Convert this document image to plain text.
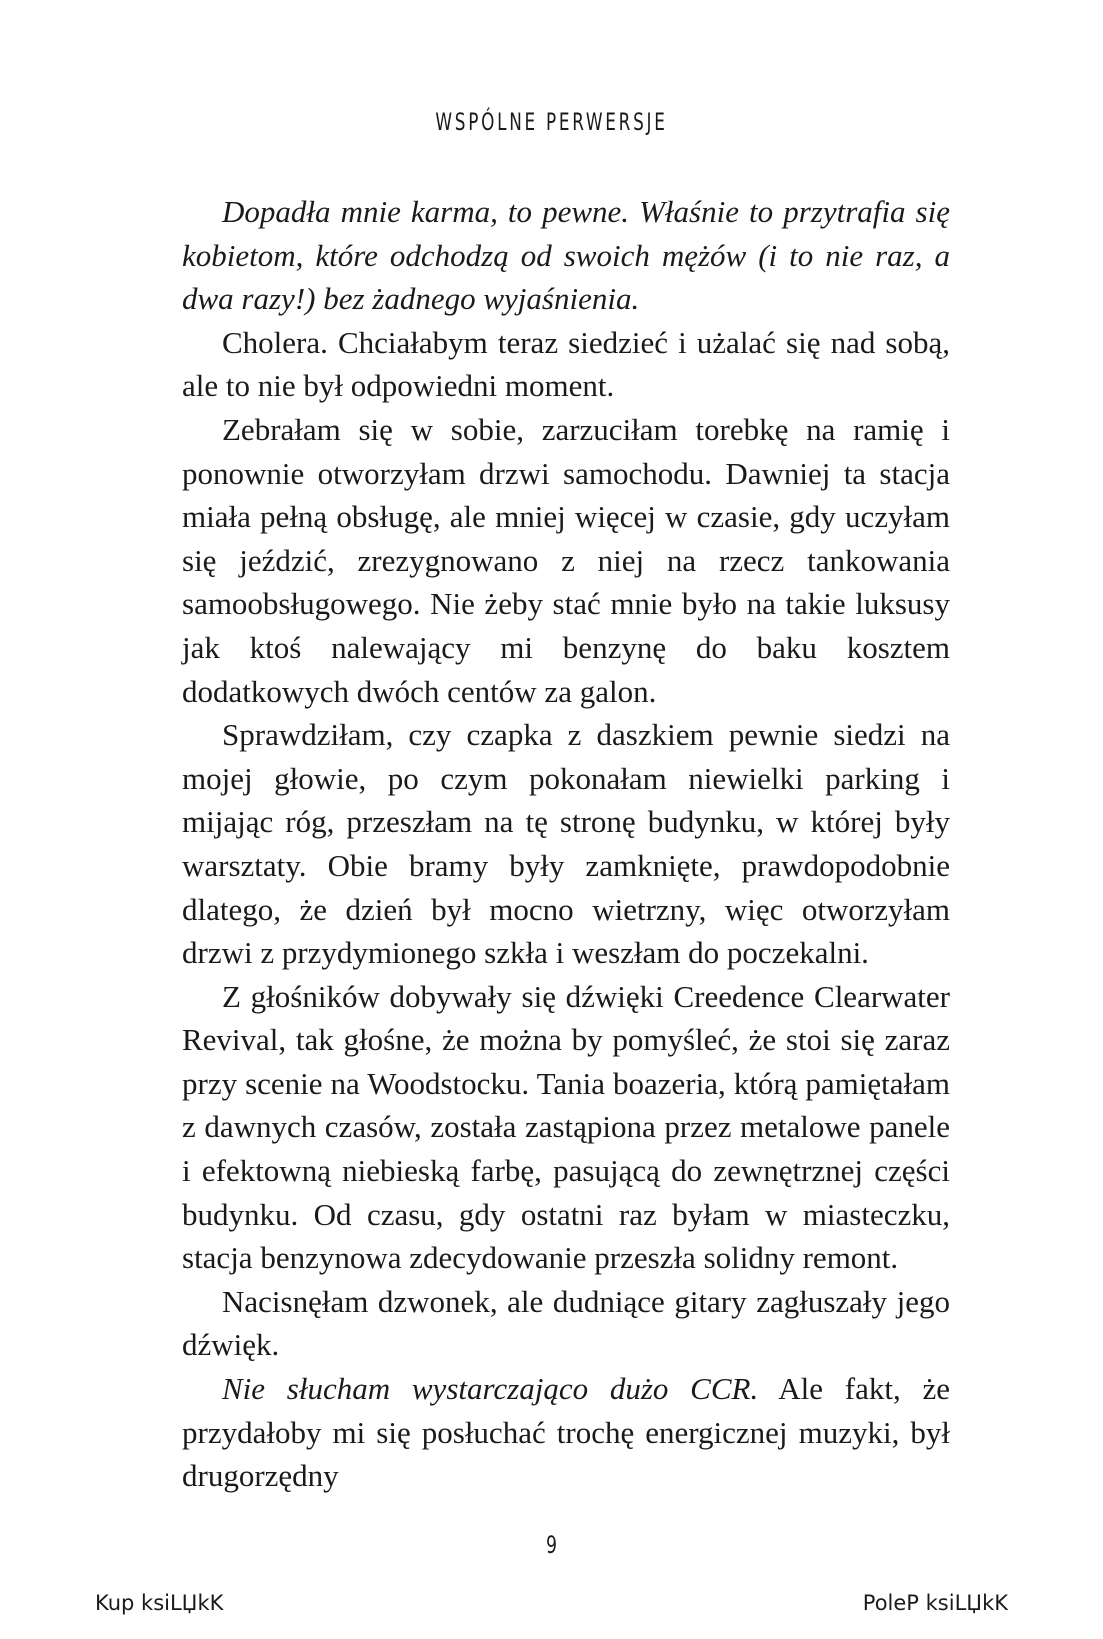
WSPÓLNE PERWERSJE

Dopadła mnie karma, to pewne. Właśnie to przytrafia się kobietom, które odchodzą od swoich mężów (i to nie raz, a dwa razy!) bez żadnego wyjaśnienia.

Cholera. Chciałabym teraz siedzieć i użalać się nad sobą, ale to nie był odpowiedni moment.

Zebrałam się w sobie, zarzuciłam torebkę na ramię i ponownie otworzyłam drzwi samochodu. Dawniej ta stacja miała pełną obsługę, ale mniej więcej w czasie, gdy uczyłam się jeździć, zrezygnowano z niej na rzecz tankowania samoobsługowego. Nie żeby stać mnie było na takie luksusy jak ktoś nalewający mi benzynę do baku kosztem dodatkowych dwóch centów za galon.

Sprawdziłam, czy czapka z daszkiem pewnie siedzi na mojej głowie, po czym pokonałam niewielki parking i mijając róg, przeszłam na tę stronę budynku, w której były warsztaty. Obie bramy były zamknięte, prawdopodobnie dlatego, że dzień był mocno wietrzny, więc otworzyłam drzwi z przydymionego szkła i weszłam do poczekalni.

Z głośników dobywały się dźwięki Creedence Clearwater Revival, tak głośne, że można by pomyśleć, że stoi się zaraz przy scenie na Woodstocku. Tania boazeria, którą pamiętałam z dawnych czasów, została zastąpiona przez metalowe panele i efektowną niebieską farbę, pasującą do zewnętrznej części budynku. Od czasu, gdy ostatni raz byłam w miasteczku, stacja benzynowa zdecydowanie przeszła solidny remont.

Nacisnęłam dzwonek, ale dudniące gitary zagłuszały jego dźwięk.

Nie słucham wystarczająco dużo CCR. Ale fakt, że przydałoby mi się posłuchać trochę energicznej muzyki, był drugorzędny

9
Kup ksiLЏkK	PoleP ksiLЏkK
